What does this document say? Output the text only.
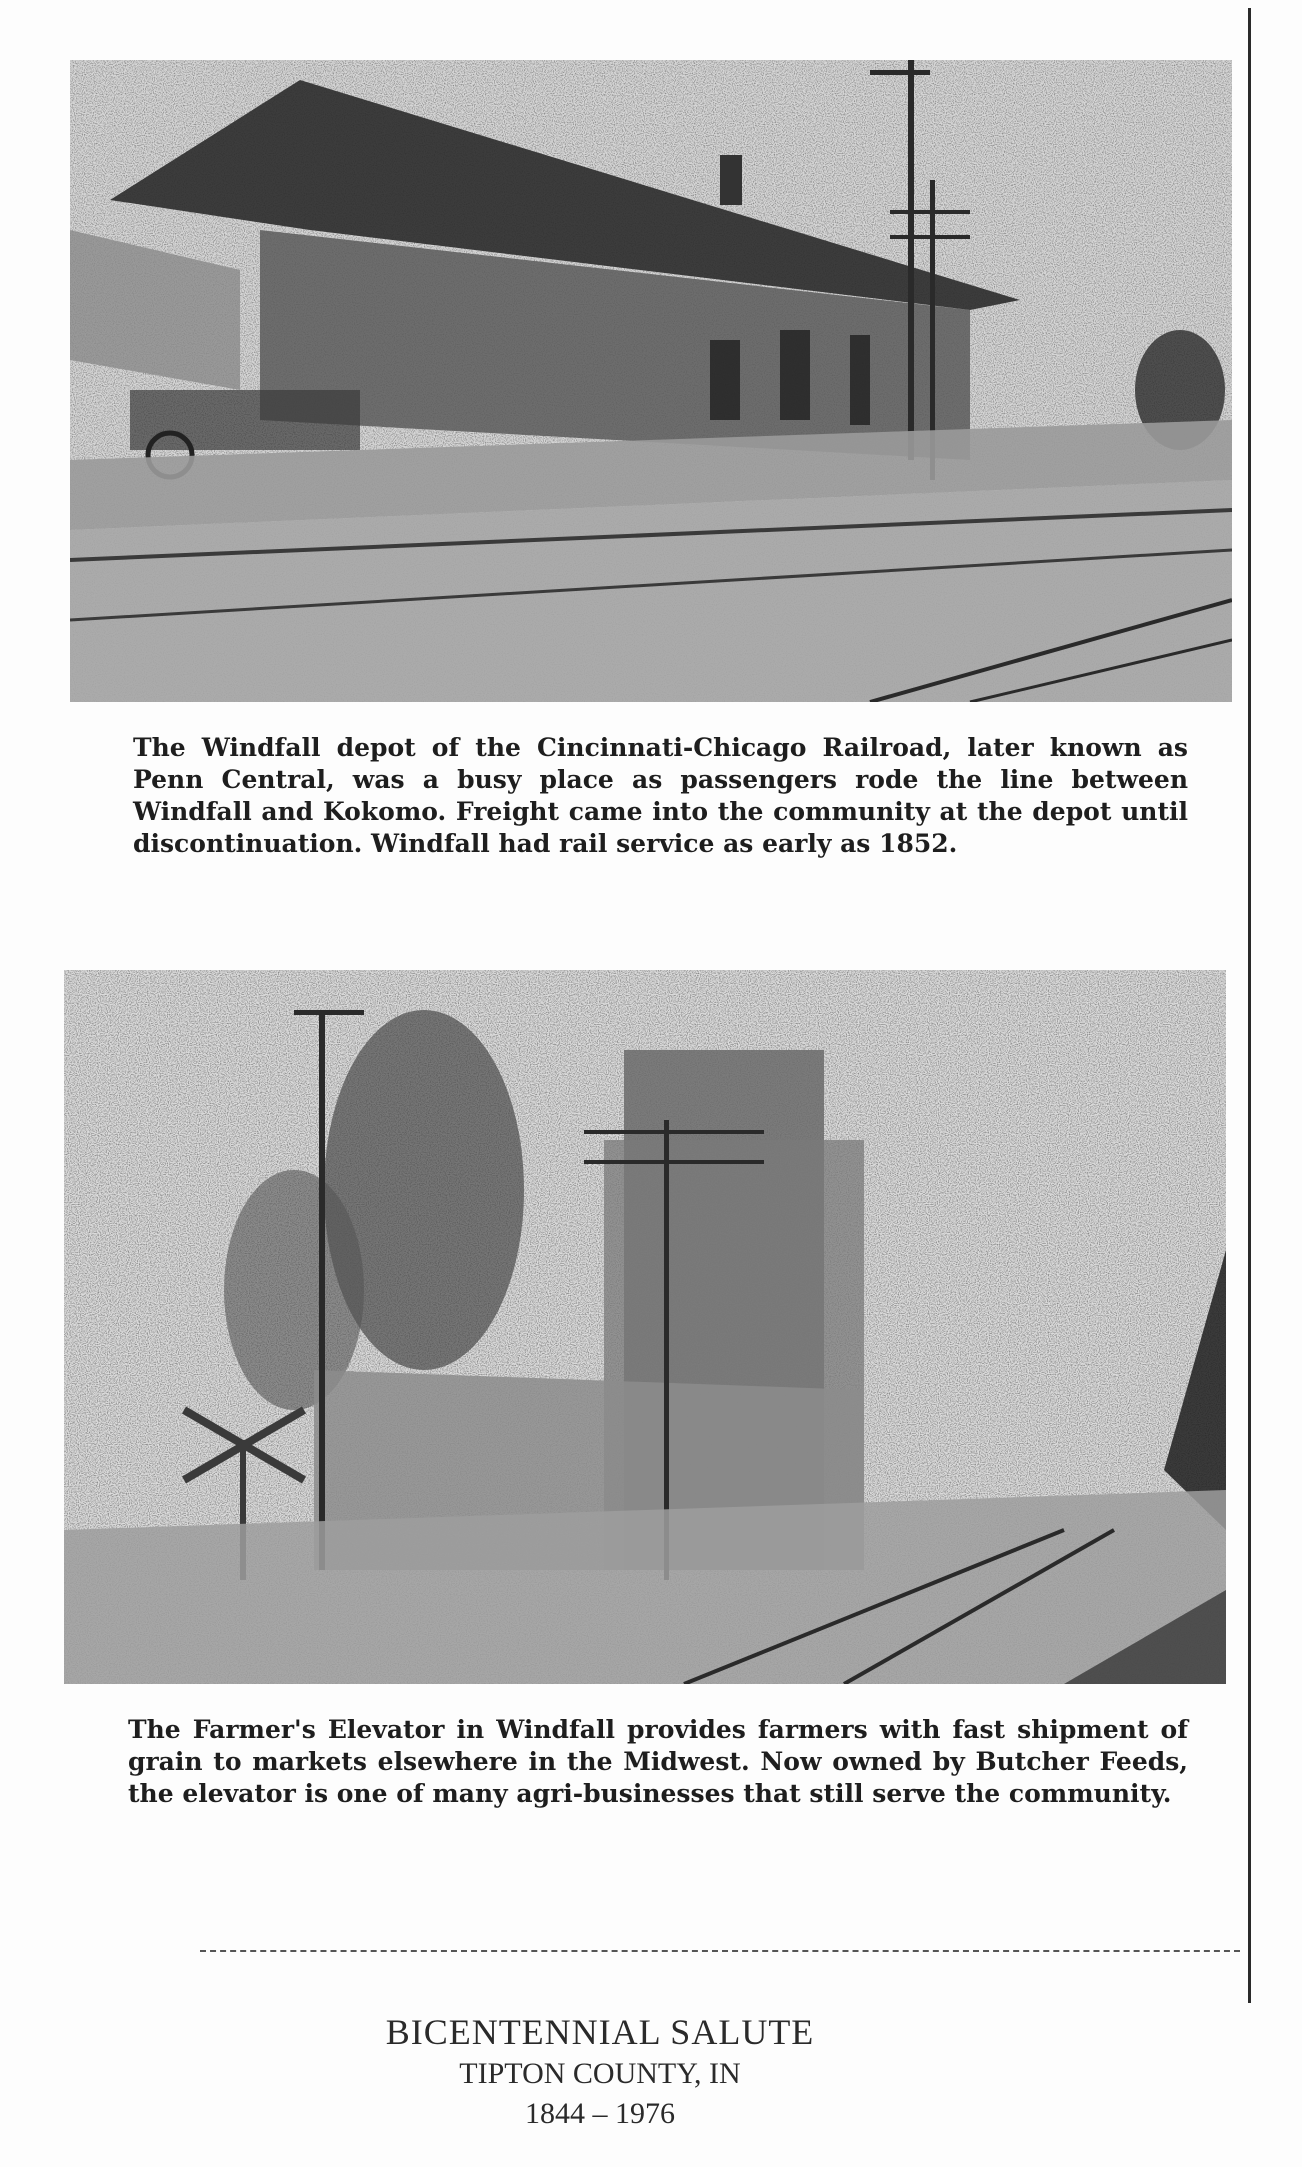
The Windfall depot of the Cincinnati-Chicago Railroad, later known as Penn Central, was a busy place as passengers rode the line between Windfall and Kokomo. Freight came into the community at the depot until discontinuation. Windfall had rail service as early as 1852.

The Farmer's Elevator in Windfall provides farmers with fast shipment of grain to markets elsewhere in the Midwest. Now owned by Butcher Feeds, the elevator is one of many agri-businesses that still serve the community.

BICENTENNIAL SALUTE
TIPTON COUNTY, IN
1844 – 1976
